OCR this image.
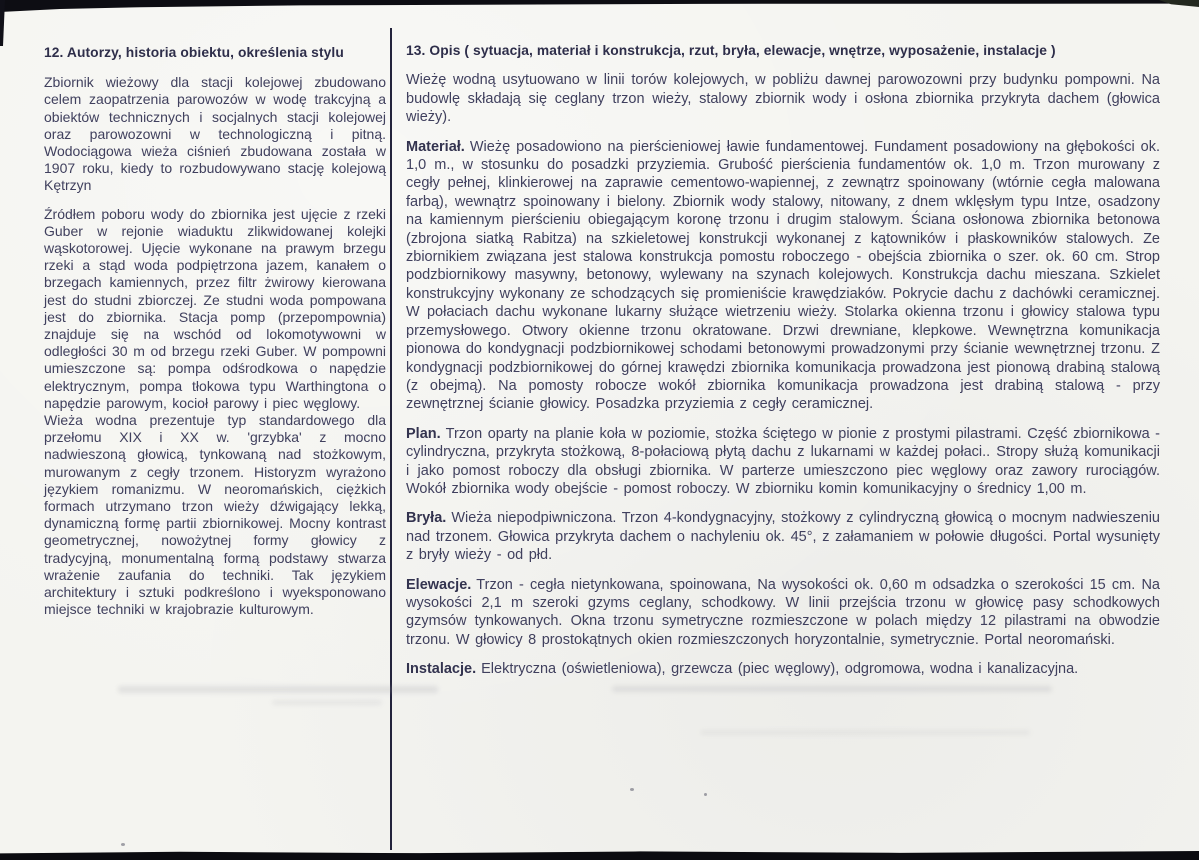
12. Autorzy, historia obiektu, określenia stylu

Zbiornik wieżowy dla stacji kolejowej zbudowano celem zaopatrzenia parowozów w wodę trakcyjną a obiektów technicznych i socjalnych stacji kolejowej oraz parowozowni w technologiczną i pitną. Wodociągowa wieża ciśnień zbudowana została w 1907 roku, kiedy to rozbudowywano stację kolejową Kętrzyn

Źródłem poboru wody do zbiornika jest ujęcie z rzeki Guber w rejonie wiaduktu zlikwidowanej kolejki wąskotorowej. Ujęcie wykonane na prawym brzegu rzeki a stąd woda podpiętrzona jazem, kanałem o brzegach kamiennych, przez filtr żwirowy kierowana jest do studni zbiorczej. Ze studni woda pompowana jest do zbiornika. Stacja pomp (przepompownia) znajduje się na wschód od lokomotywowni w odległości 30 m od brzegu rzeki Guber. W pompowni umieszczone są: pompa odśrodkowa o napędzie elektrycznym, pompa tłokowa typu Warthingtona o napędzie parowym, kocioł parowy i piec węglowy.

Wieża wodna prezentuje typ standardowego dla przełomu XIX i XX w. 'grzybka' z mocno nadwieszoną głowicą, tynkowaną nad stożkowym, murowanym z cegły trzonem. Historyzm wyrażono językiem romanizmu. W neoromańskich, ciężkich formach utrzymano trzon wieży dźwigający lekką, dynamiczną formę partii zbiornikowej. Mocny kontrast geometrycznej, nowożytnej formy głowicy z tradycyjną, monumentalną formą podstawy stwarza wrażenie zaufania do techniki. Tak językiem architektury i sztuki podkreślono i wyeksponowano miejsce techniki w krajobrazie kulturowym.

13. Opis ( sytuacja, materiał i konstrukcja, rzut, bryła, elewacje, wnętrze, wyposażenie, instalacje )

Wieżę wodną usytuowano w linii torów kolejowych, w pobliżu dawnej parowozowni przy budynku pompowni. Na budowlę składają się ceglany trzon wieży, stalowy zbiornik wody i osłona zbiornika przykryta dachem (głowica wieży).

Materiał. Wieżę posadowiono na pierścieniowej ławie fundamentowej. Fundament posadowiony na głębokości ok. 1,0 m., w stosunku do posadzki przyziemia. Grubość pierścienia fundamentów ok. 1,0 m. Trzon murowany z cegły pełnej, klinkierowej na zaprawie cementowo-wapiennej, z zewnątrz spoinowany (wtórnie cegła malowana farbą), wewnątrz spoinowany i bielony. Zbiornik wody stalowy, nitowany, z dnem wklęsłym typu Intze, osadzony na kamiennym pierścieniu obiegającym koronę trzonu i drugim stalowym. Ściana osłonowa zbiornika betonowa (zbrojona siatką Rabitza) na szkieletowej konstrukcji wykonanej z kątowników i płaskowników stalowych. Ze zbiornikiem związana jest stalowa konstrukcja pomostu roboczego - obejścia zbiornika o szer. ok. 60 cm. Strop podzbiornikowy masywny, betonowy, wylewany na szynach kolejowych. Konstrukcja dachu mieszana. Szkielet konstrukcyjny wykonany ze schodzących się promieniście krawędziaków. Pokrycie dachu z dachówki ceramicznej. W połaciach dachu wykonane lukarny służące wietrzeniu wieży. Stolarka okienna trzonu i głowicy stalowa typu przemysłowego. Otwory okienne trzonu okratowane. Drzwi drewniane, klepkowe. Wewnętrzna komunikacja pionowa do kondygnacji podzbiornikowej schodami betonowymi prowadzonymi przy ścianie wewnętrznej trzonu. Z kondygnacji podzbiornikowej do górnej krawędzi zbiornika komunikacja prowadzona jest pionową drabiną stalową (z obejmą). Na pomosty robocze wokół zbiornika komunikacja prowadzona jest drabiną stalową - przy zewnętrznej ścianie głowicy. Posadzka przyziemia z cegły ceramicznej.

Plan. Trzon oparty na planie koła w poziomie, stożka ściętego w pionie z prostymi pilastrami. Część zbiornikowa - cylindryczna, przykryta stożkową, 8-połaciową płytą dachu z lukarnami w każdej połaci.. Stropy służą komunikacji i jako pomost roboczy dla obsługi zbiornika. W parterze umieszczono piec węglowy oraz zawory rurociągów. Wokół zbiornika wody obejście - pomost roboczy. W zbiorniku komin komunikacyjny o średnicy 1,00 m.

Bryła. Wieża niepodpiwniczona. Trzon 4-kondygnacyjny, stożkowy z cylindryczną głowicą o mocnym nadwieszeniu nad trzonem. Głowica przykryta dachem o nachyleniu ok. 45°, z załamaniem w połowie długości. Portal wysunięty z bryły wieży - od płd.

Elewacje. Trzon - cegła nietynkowana, spoinowana, Na wysokości ok. 0,60 m odsadzka o szerokości 15 cm. Na wysokości 2,1 m szeroki gzyms ceglany, schodkowy. W linii przejścia trzonu w głowicę pasy schodkowych gzymsów tynkowanych. Okna trzonu symetryczne rozmieszczone w polach między 12 pilastrami na obwodzie trzonu. W głowicy 8 prostokątnych okien rozmieszczonych horyzontalnie, symetrycznie. Portal neoromański.

Instalacje. Elektryczna (oświetleniowa), grzewcza (piec węglowy), odgromowa, wodna i kanalizacyjna.
